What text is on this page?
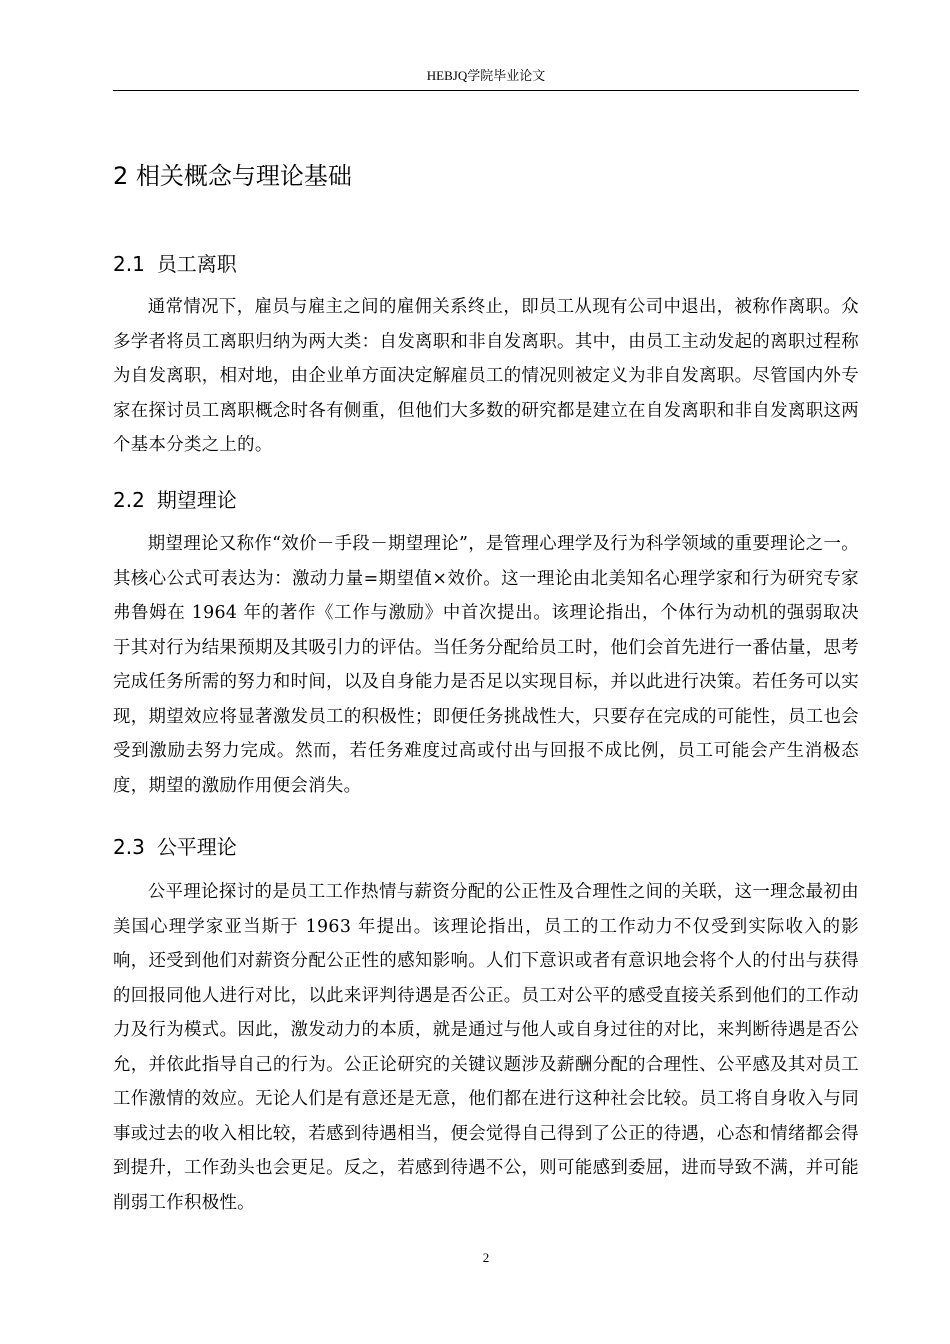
HEBJQ学院毕业论文
2 相关概念与理论基础
2.1 员工离职

通常情况下，雇员与雇主之间的雇佣关系终止，即员工从现有公司中退出，被称作离职。众多学者将员工离职归纳为两大类：自发离职和非自发离职。其中，由员工主动发起的离职过程称为自发离职，相对地，由企业单方面决定解雇员工的情况则被定义为非自发离职。尽管国内外专家在探讨员工离职概念时各有侧重，但他们大多数的研究都是建立在自发离职和非自发离职这两个基本分类之上的。

2.2 期望理论

期望理论又称作“效价－手段－期望理论”，是管理心理学及行为科学领域的重要理论之一。其核心公式可表达为：激动力量=期望值×效价。这一理论由北美知名心理学家和行为研究专家弗鲁姆在 1964 年的著作《工作与激励》中首次提出。该理论指出，个体行为动机的强弱取决于其对行为结果预期及其吸引力的评估。当任务分配给员工时，他们会首先进行一番估量，思考完成任务所需的努力和时间，以及自身能力是否足以实现目标，并以此进行决策。若任务可以实现，期望效应将显著激发员工的积极性；即便任务挑战性大，只要存在完成的可能性，员工也会受到激励去努力完成。然而，若任务难度过高或付出与回报不成比例，员工可能会产生消极态度，期望的激励作用便会消失。

2.3 公平理论

公平理论探讨的是员工工作热情与薪资分配的公正性及合理性之间的关联，这一理念最初由美国心理学家亚当斯于 1963 年提出。该理论指出，员工的工作动力不仅受到实际收入的影响，还受到他们对薪资分配公正性的感知影响。人们下意识或者有意识地会将个人的付出与获得的回报同他人进行对比，以此来评判待遇是否公正。员工对公平的感受直接关系到他们的工作动力及行为模式。因此，激发动力的本质，就是通过与他人或自身过往的对比，来判断待遇是否公允，并依此指导自己的行为。公正论研究的关键议题涉及薪酬分配的合理性、公平感及其对员工工作激情的效应。无论人们是有意还是无意，他们都在进行这种社会比较。员工将自身收入与同事或过去的收入相比较，若感到待遇相当，便会觉得自己得到了公正的待遇，心态和情绪都会得到提升，工作劲头也会更足。反之，若感到待遇不公，则可能感到委屈，进而导致不满，并可能削弱工作积极性。

2
